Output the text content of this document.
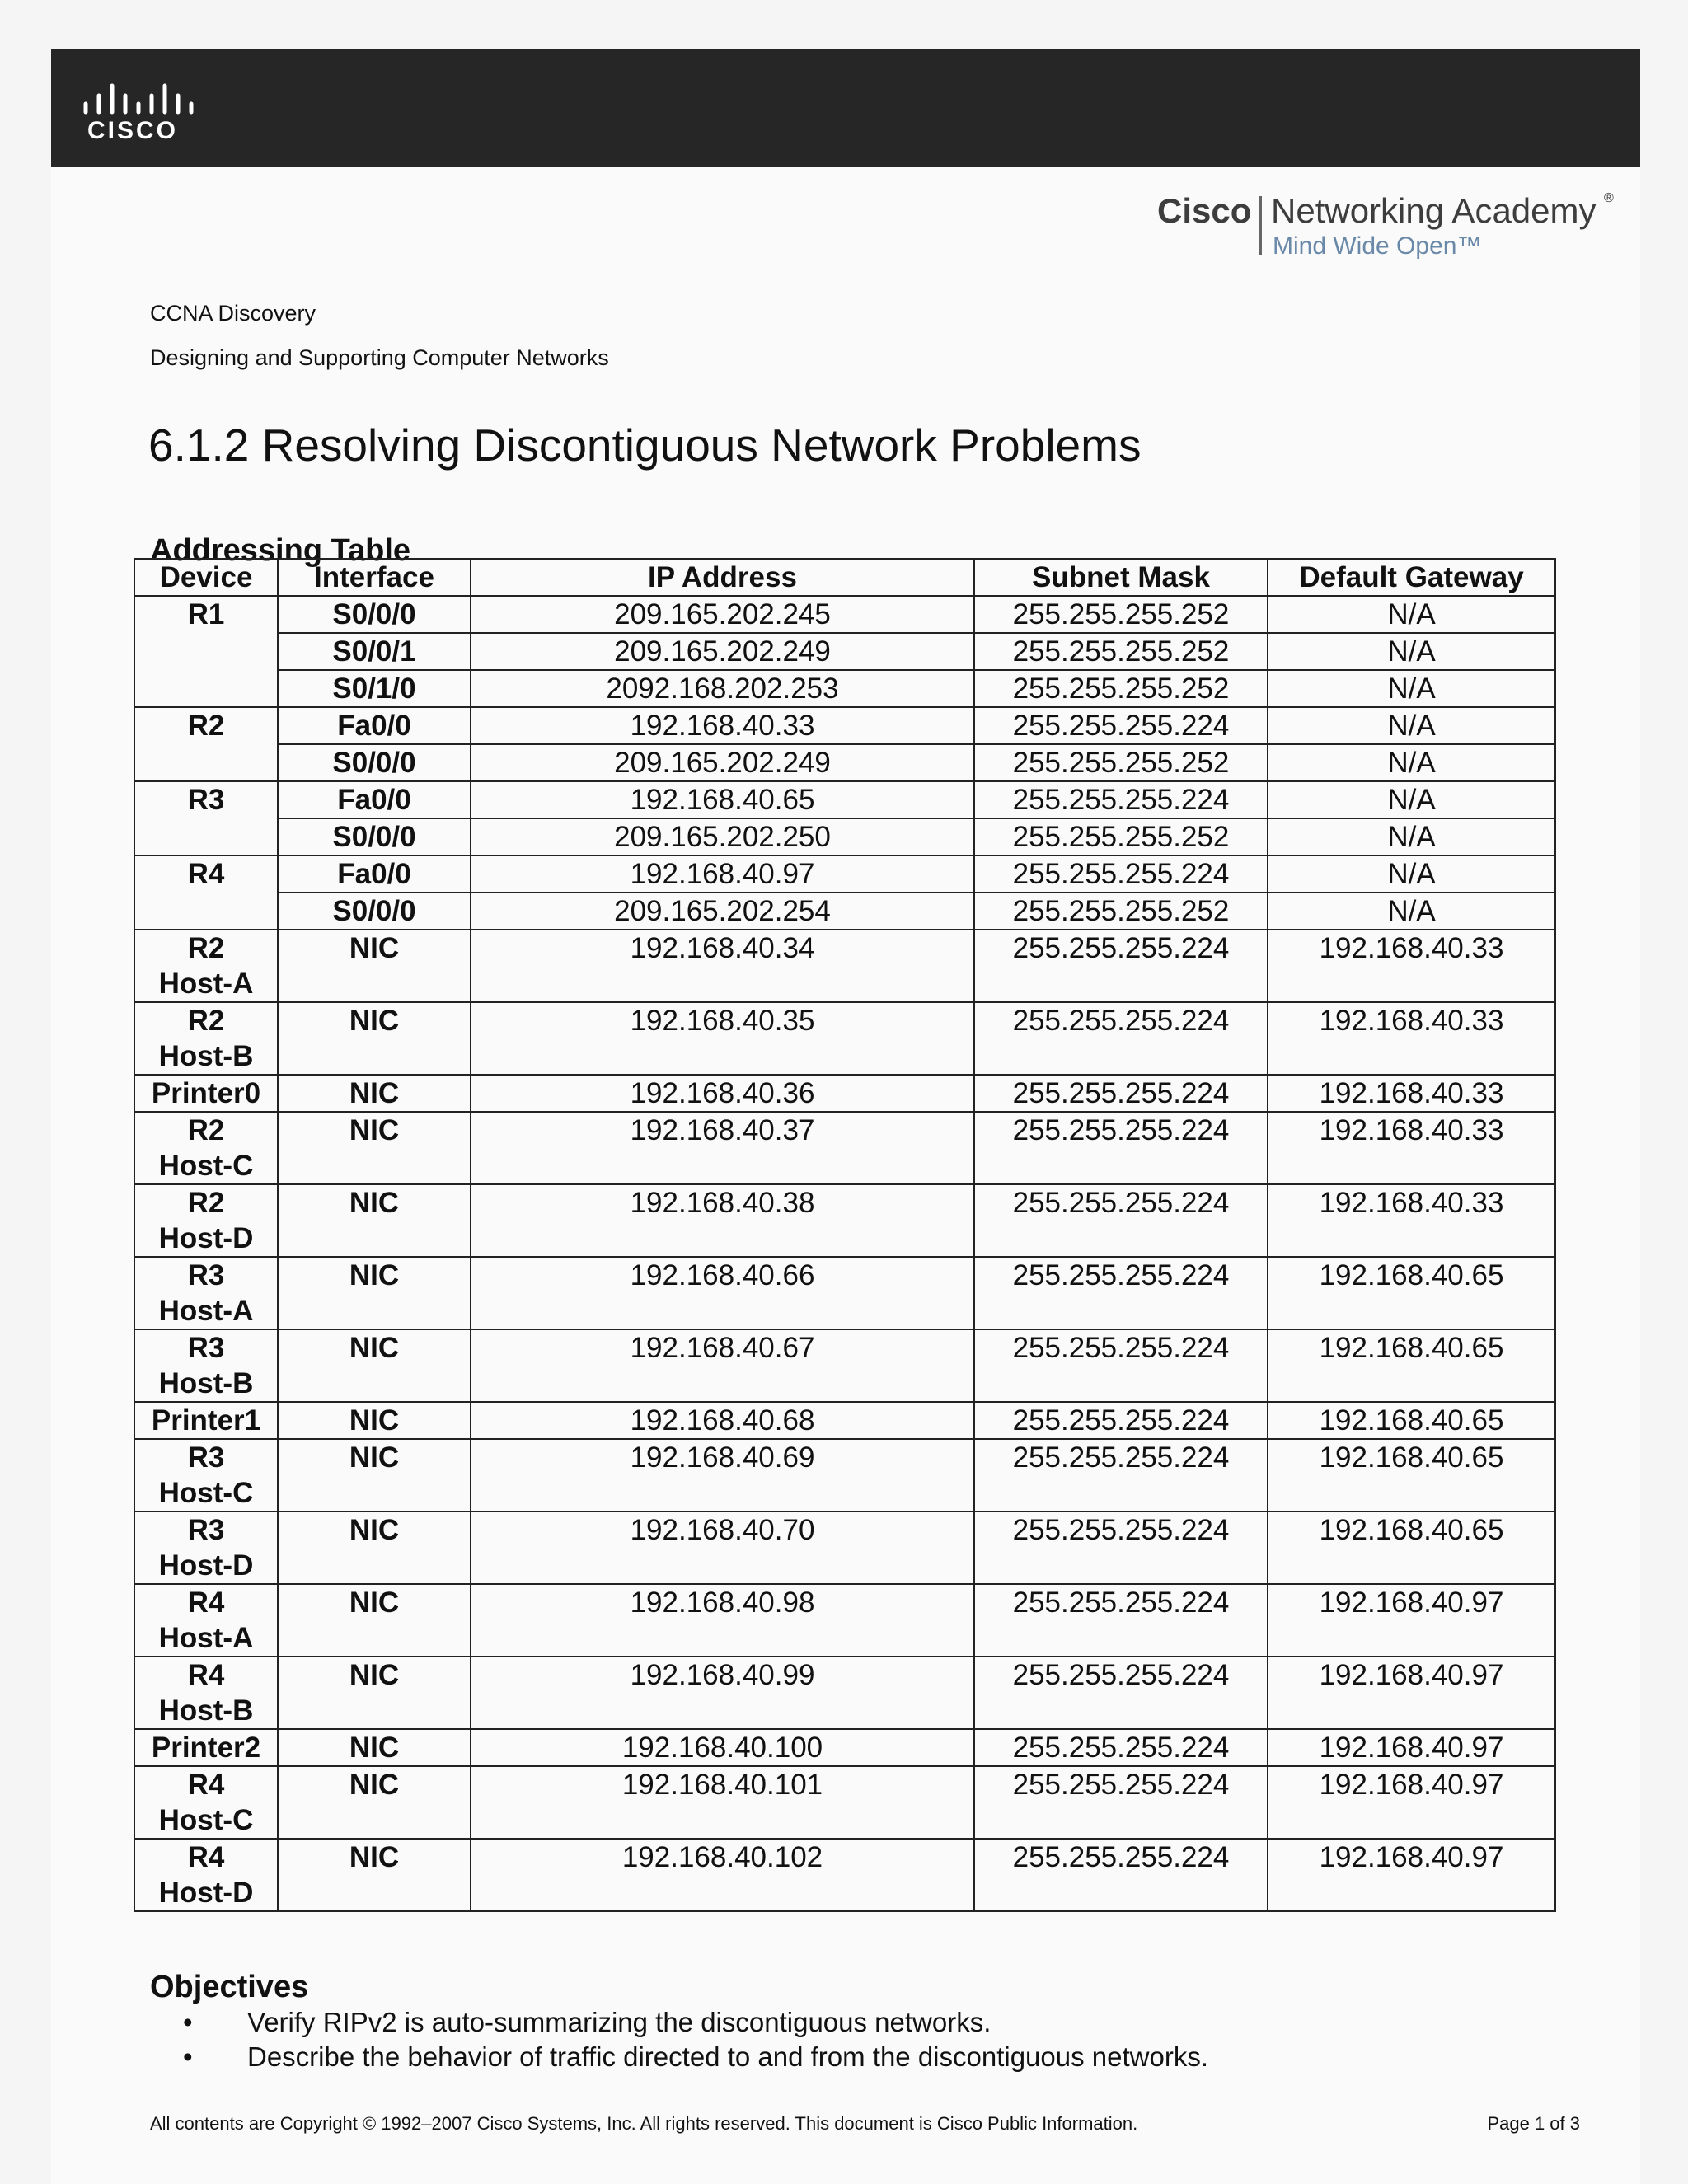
CISCO
Cisco Networking Academy ®
Mind Wide Open™
CCNA Discovery
Designing and Supporting Computer Networks
6.1.2 Resolving Discontiguous Network Problems
Addressing Table
Device	Interface	IP Address	Subnet Mask	Default Gateway

R1	S0/0/0	209.165.202.245	255.255.255.252	N/A
	S0/0/1	209.165.202.249	255.255.255.252	N/A
	S0/1/0	2092.168.202.253	255.255.255.252	N/A

R2	Fa0/0	192.168.40.33	255.255.255.224	N/A
	S0/0/0	209.165.202.249	255.255.255.252	N/A

R3	Fa0/0	192.168.40.65	255.255.255.224	N/A
	S0/0/0	209.165.202.250	255.255.255.252	N/A

R4	Fa0/0	192.168.40.97	255.255.255.224	N/A
	S0/0/0	209.165.202.254	255.255.255.252	N/A

R2
Host-A	NIC	192.168.40.34	255.255.255.224	192.168.40.33

R2
Host-B	NIC	192.168.40.35	255.255.255.224	192.168.40.33

Printer0	NIC	192.168.40.36	255.255.255.224	192.168.40.33

R2
Host-C	NIC	192.168.40.37	255.255.255.224	192.168.40.33

R2
Host-D	NIC	192.168.40.38	255.255.255.224	192.168.40.33

R3
Host-A	NIC	192.168.40.66	255.255.255.224	192.168.40.65

R3
Host-B	NIC	192.168.40.67	255.255.255.224	192.168.40.65

Printer1	NIC	192.168.40.68	255.255.255.224	192.168.40.65

R3
Host-C	NIC	192.168.40.69	255.255.255.224	192.168.40.65

R3
Host-D	NIC	192.168.40.70	255.255.255.224	192.168.40.65

R4
Host-A	NIC	192.168.40.98	255.255.255.224	192.168.40.97

R4
Host-B	NIC	192.168.40.99	255.255.255.224	192.168.40.97

Printer2	NIC	192.168.40.100	255.255.255.224	192.168.40.97

R4
Host-C	NIC	192.168.40.101	255.255.255.224	192.168.40.97

R4
Host-D	NIC	192.168.40.102	255.255.255.224	192.168.40.97
Objectives
• Verify RIPv2 is auto-summarizing the discontiguous networks.
• Describe the behavior of traffic directed to and from the discontiguous networks.
All contents are Copyright © 1992–2007 Cisco Systems, Inc. All rights reserved. This document is Cisco Public Information.	Page 1 of 3
